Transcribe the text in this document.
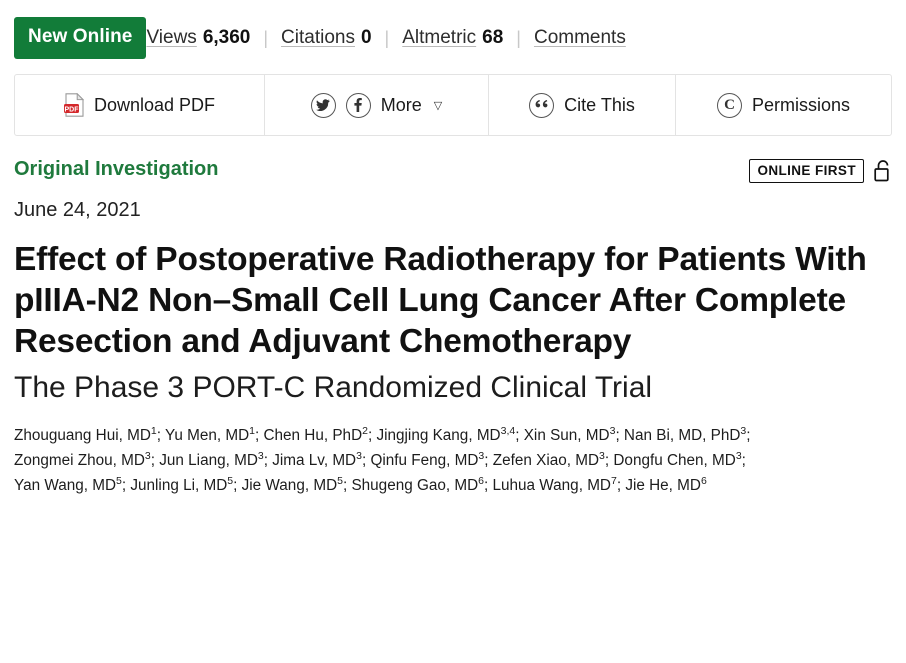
New Online Views 6,360 | Citations 0 | Altmetric 68 | Comments
PDF Download PDF	More ▽	Cite This	C Permissions
Original Investigation	ONLINE FIRST
June 24, 2021
Effect of Postoperative Radiotherapy for Patients With pIIIA-N2 Non–Small Cell Lung Cancer After Complete Resection and Adjuvant Chemotherapy
The Phase 3 PORT-C Randomized Clinical Trial
Zhouguang Hui, $MD^1$; Yu Men, $MD^1$; Chen Hu, PhD$^2$; Jingjing Kang, MD$^{3,4}$; Xin Sun, $MD^3$; Nan Bi, MD, PhD$^3$;
Zongmei Zhou, $MD^3$; Jun Liang, $MD^3$; Jima Lv, $MD^3$; Qinfu Feng, $MD^3$; Zefen Xiao, $MD^3$; Dongfu Chen, $MD^3$;
Yan Wang, $MD^5$; Junling Li, $MD^5$; Jie Wang, $MD^5$; Shugeng Gao, $MD^6$; Luhua Wang, $MD^7$; Jie He, $MD^6$
